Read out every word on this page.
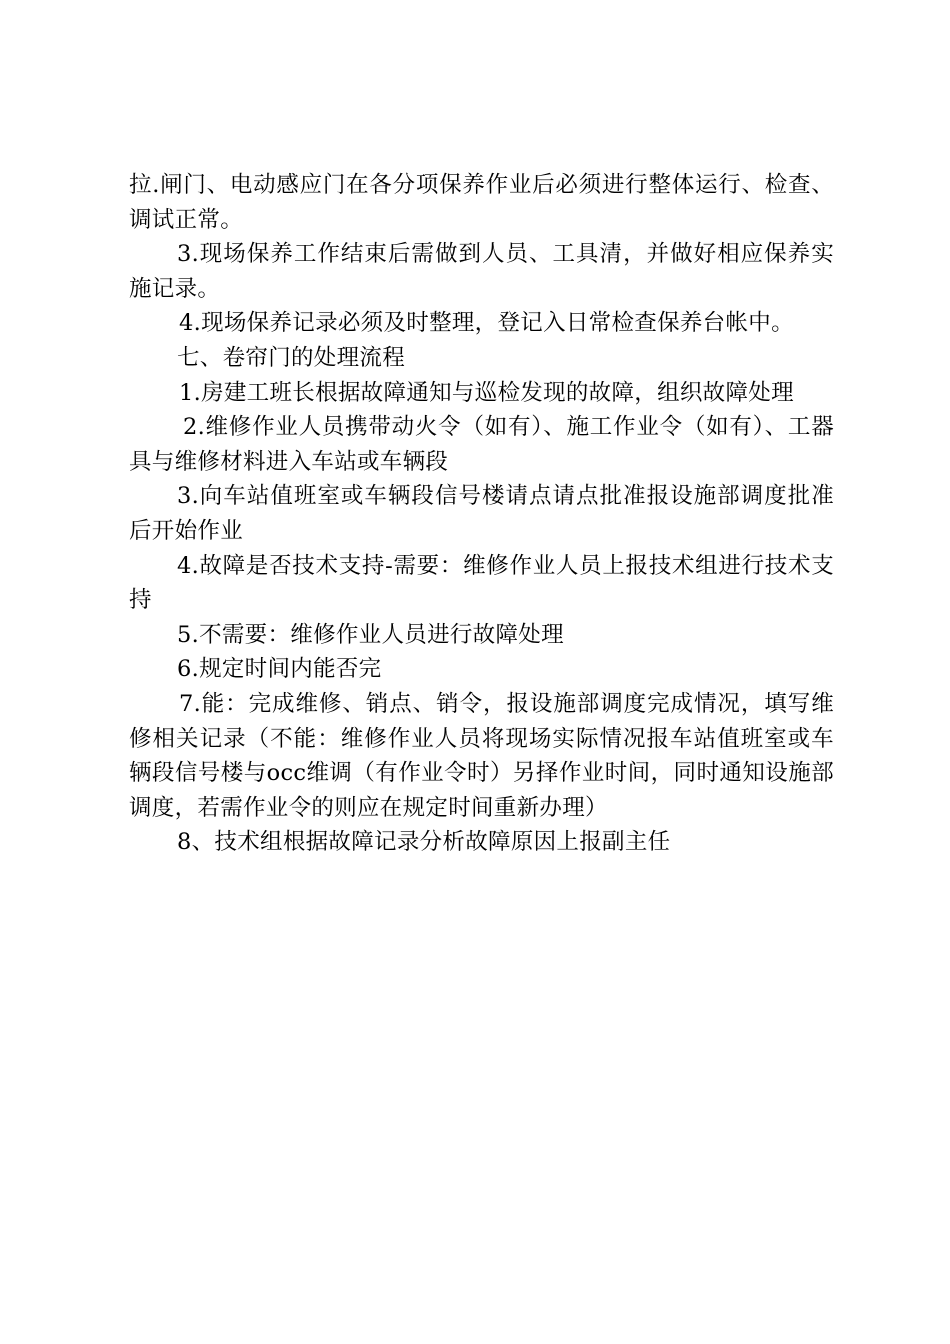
拉.闸门、电动感应门在各分项保养作业后必须进行整体运行、检查、调试正常。

3.现场保养工作结束后需做到人员、工具清，并做好相应保养实施记录。

4.现场保养记录必须及时整理，登记入日常检查保养台帐中。

七、卷帘门的处理流程

1.房建工班长根据故障通知与巡检发现的故障，组织故障处理

2.维修作业人员携带动火令（如有）、施工作业令（如有）、工器具与维修材料进入车站或车辆段

3.向车站值班室或车辆段信号楼请点请点批准报设施部调度批准后开始作业

4.故障是否技术支持-需要：维修作业人员上报技术组进行技术支持

5.不需要：维修作业人员进行故障处理

6.规定时间内能否完

7.能：完成维修、销点、销令，报设施部调度完成情况，填写维修相关记录（不能：维修作业人员将现场实际情况报车站值班室或车辆段信号楼与occ维调（有作业令时）另择作业时间，同时通知设施部调度，若需作业令的则应在规定时间重新办理）

8、技术组根据故障记录分析故障原因上报副主任
